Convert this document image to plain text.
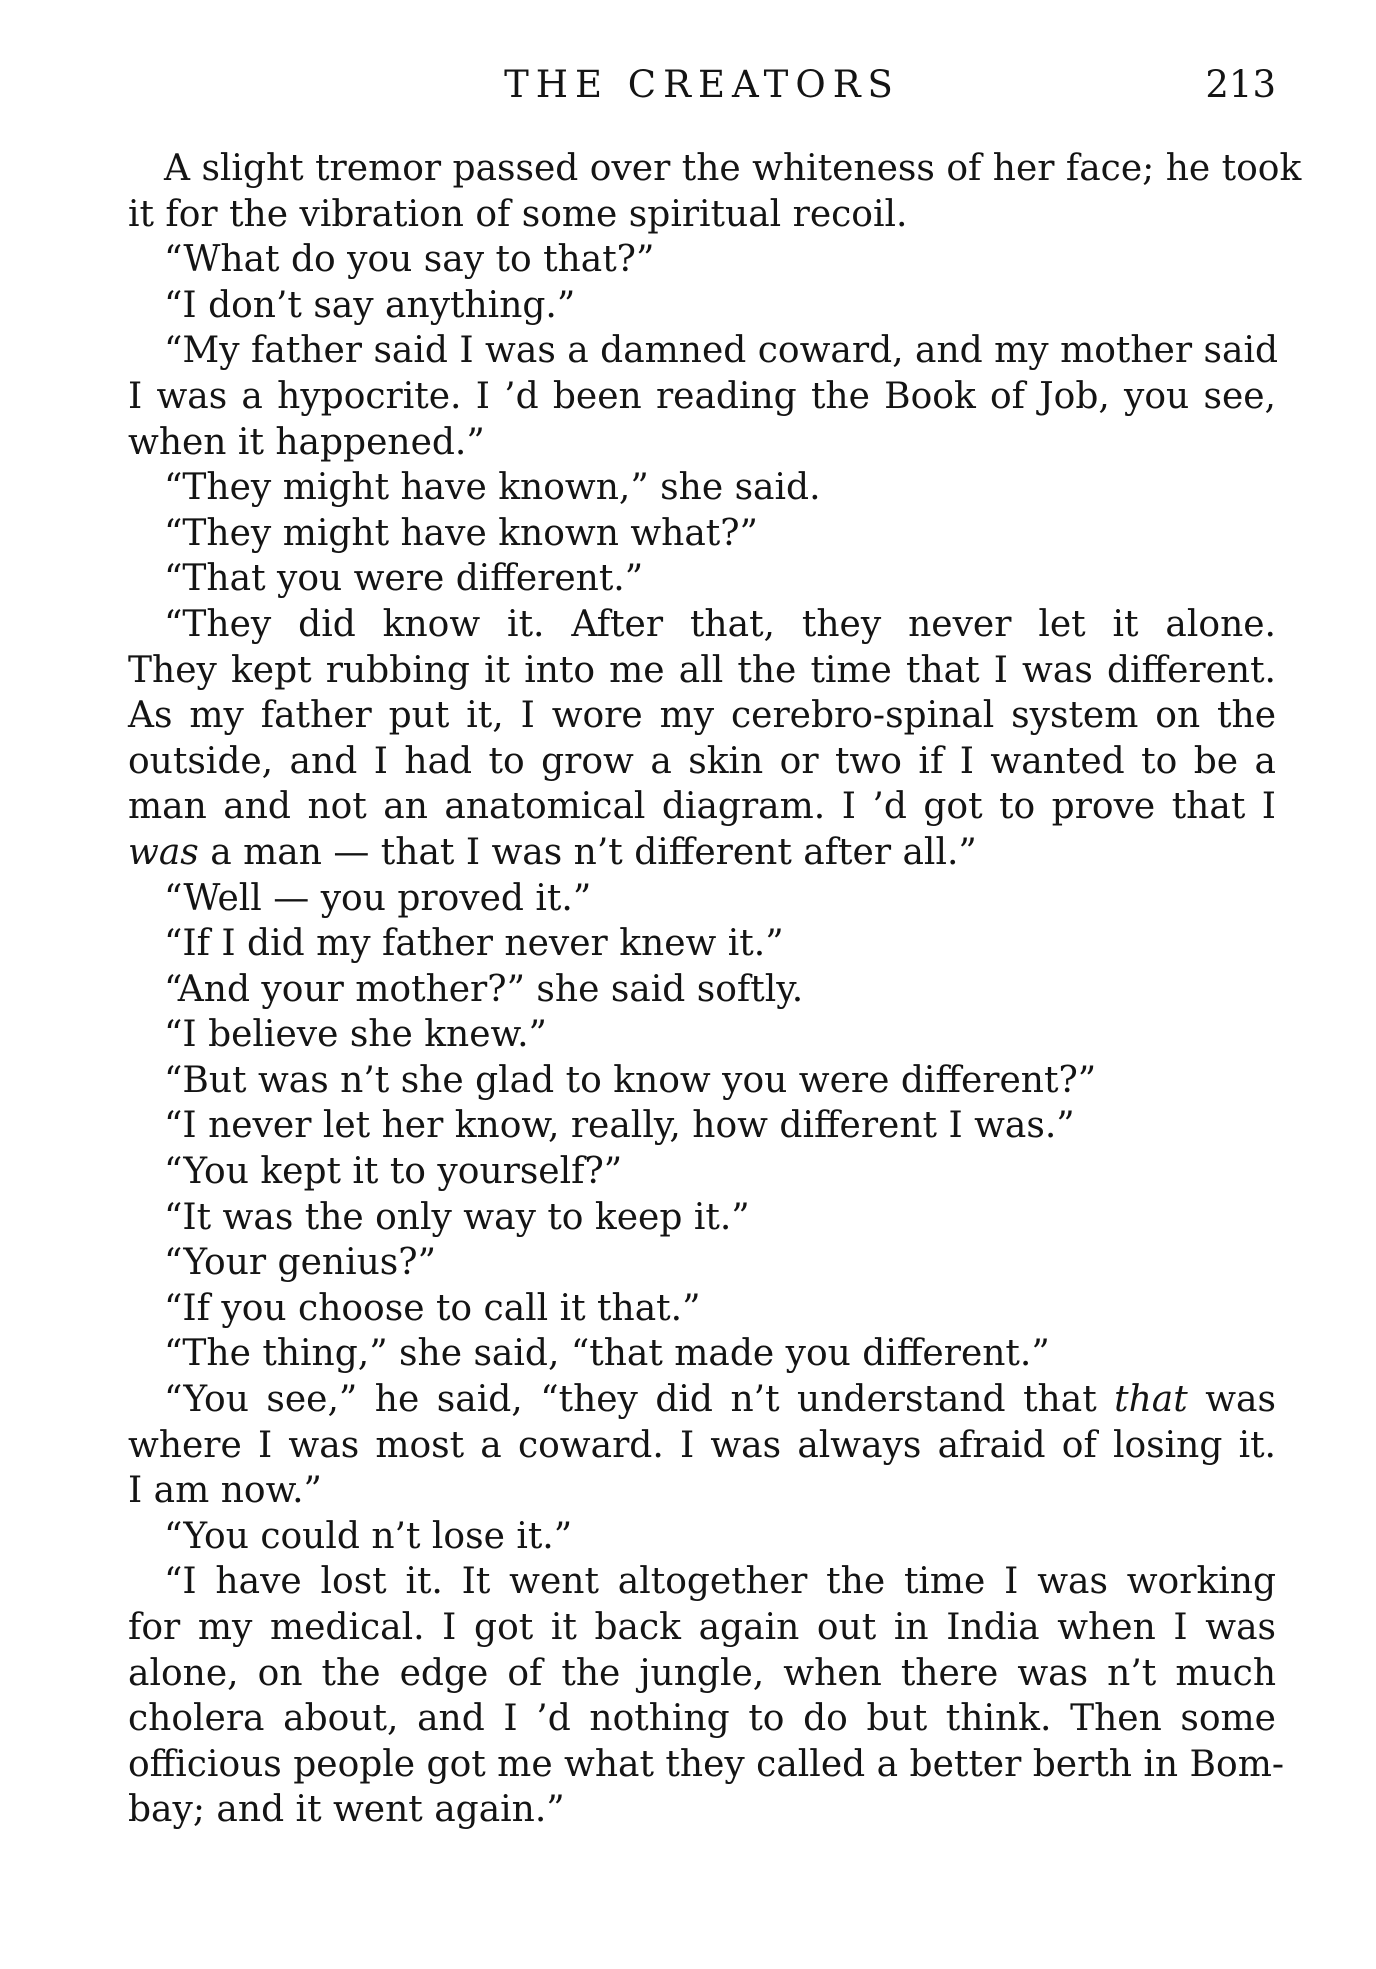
THE CREATORS	213

A slight tremor passed over the whiteness of her face; he took

it for the vibration of some spiritual recoil.

“What do you say to that?”

“I don’t say anything.”

“My father said I was a damned coward, and my mother said

I was a hypocrite. I ’d been reading the Book of Job, you see,

when it happened.”

“They might have known,” she said.

“They might have known what?”

“That you were different.”

“They did know it. After that, they never let it alone.

They kept rubbing it into me all the time that I was different.

As my father put it, I wore my cerebro-spinal system on the

outside, and I had to grow a skin or two if I wanted to be a

man and not an anatomical diagram. I ’d got to prove that I

was a man — that I was n’t different after all.”

“Well — you proved it.”

“If I did my father never knew it.”

“And your mother?” she said softly.

“I believe she knew.”

“But was n’t she glad to know you were different?”

“I never let her know, really, how different I was.”

“You kept it to yourself?”

“It was the only way to keep it.”

“Your genius?”

“If you choose to call it that.”

“The thing,” she said, “that made you different.”

“You see,” he said, “they did n’t understand that that was

where I was most a coward. I was always afraid of losing it.

I am now.”

“You could n’t lose it.”

“I have lost it. It went altogether the time I was working

for my medical. I got it back again out in India when I was

alone, on the edge of the jungle, when there was n’t much

cholera about, and I ’d nothing to do but think. Then some

officious people got me what they called a better berth in Bom-

bay; and it went again.”
